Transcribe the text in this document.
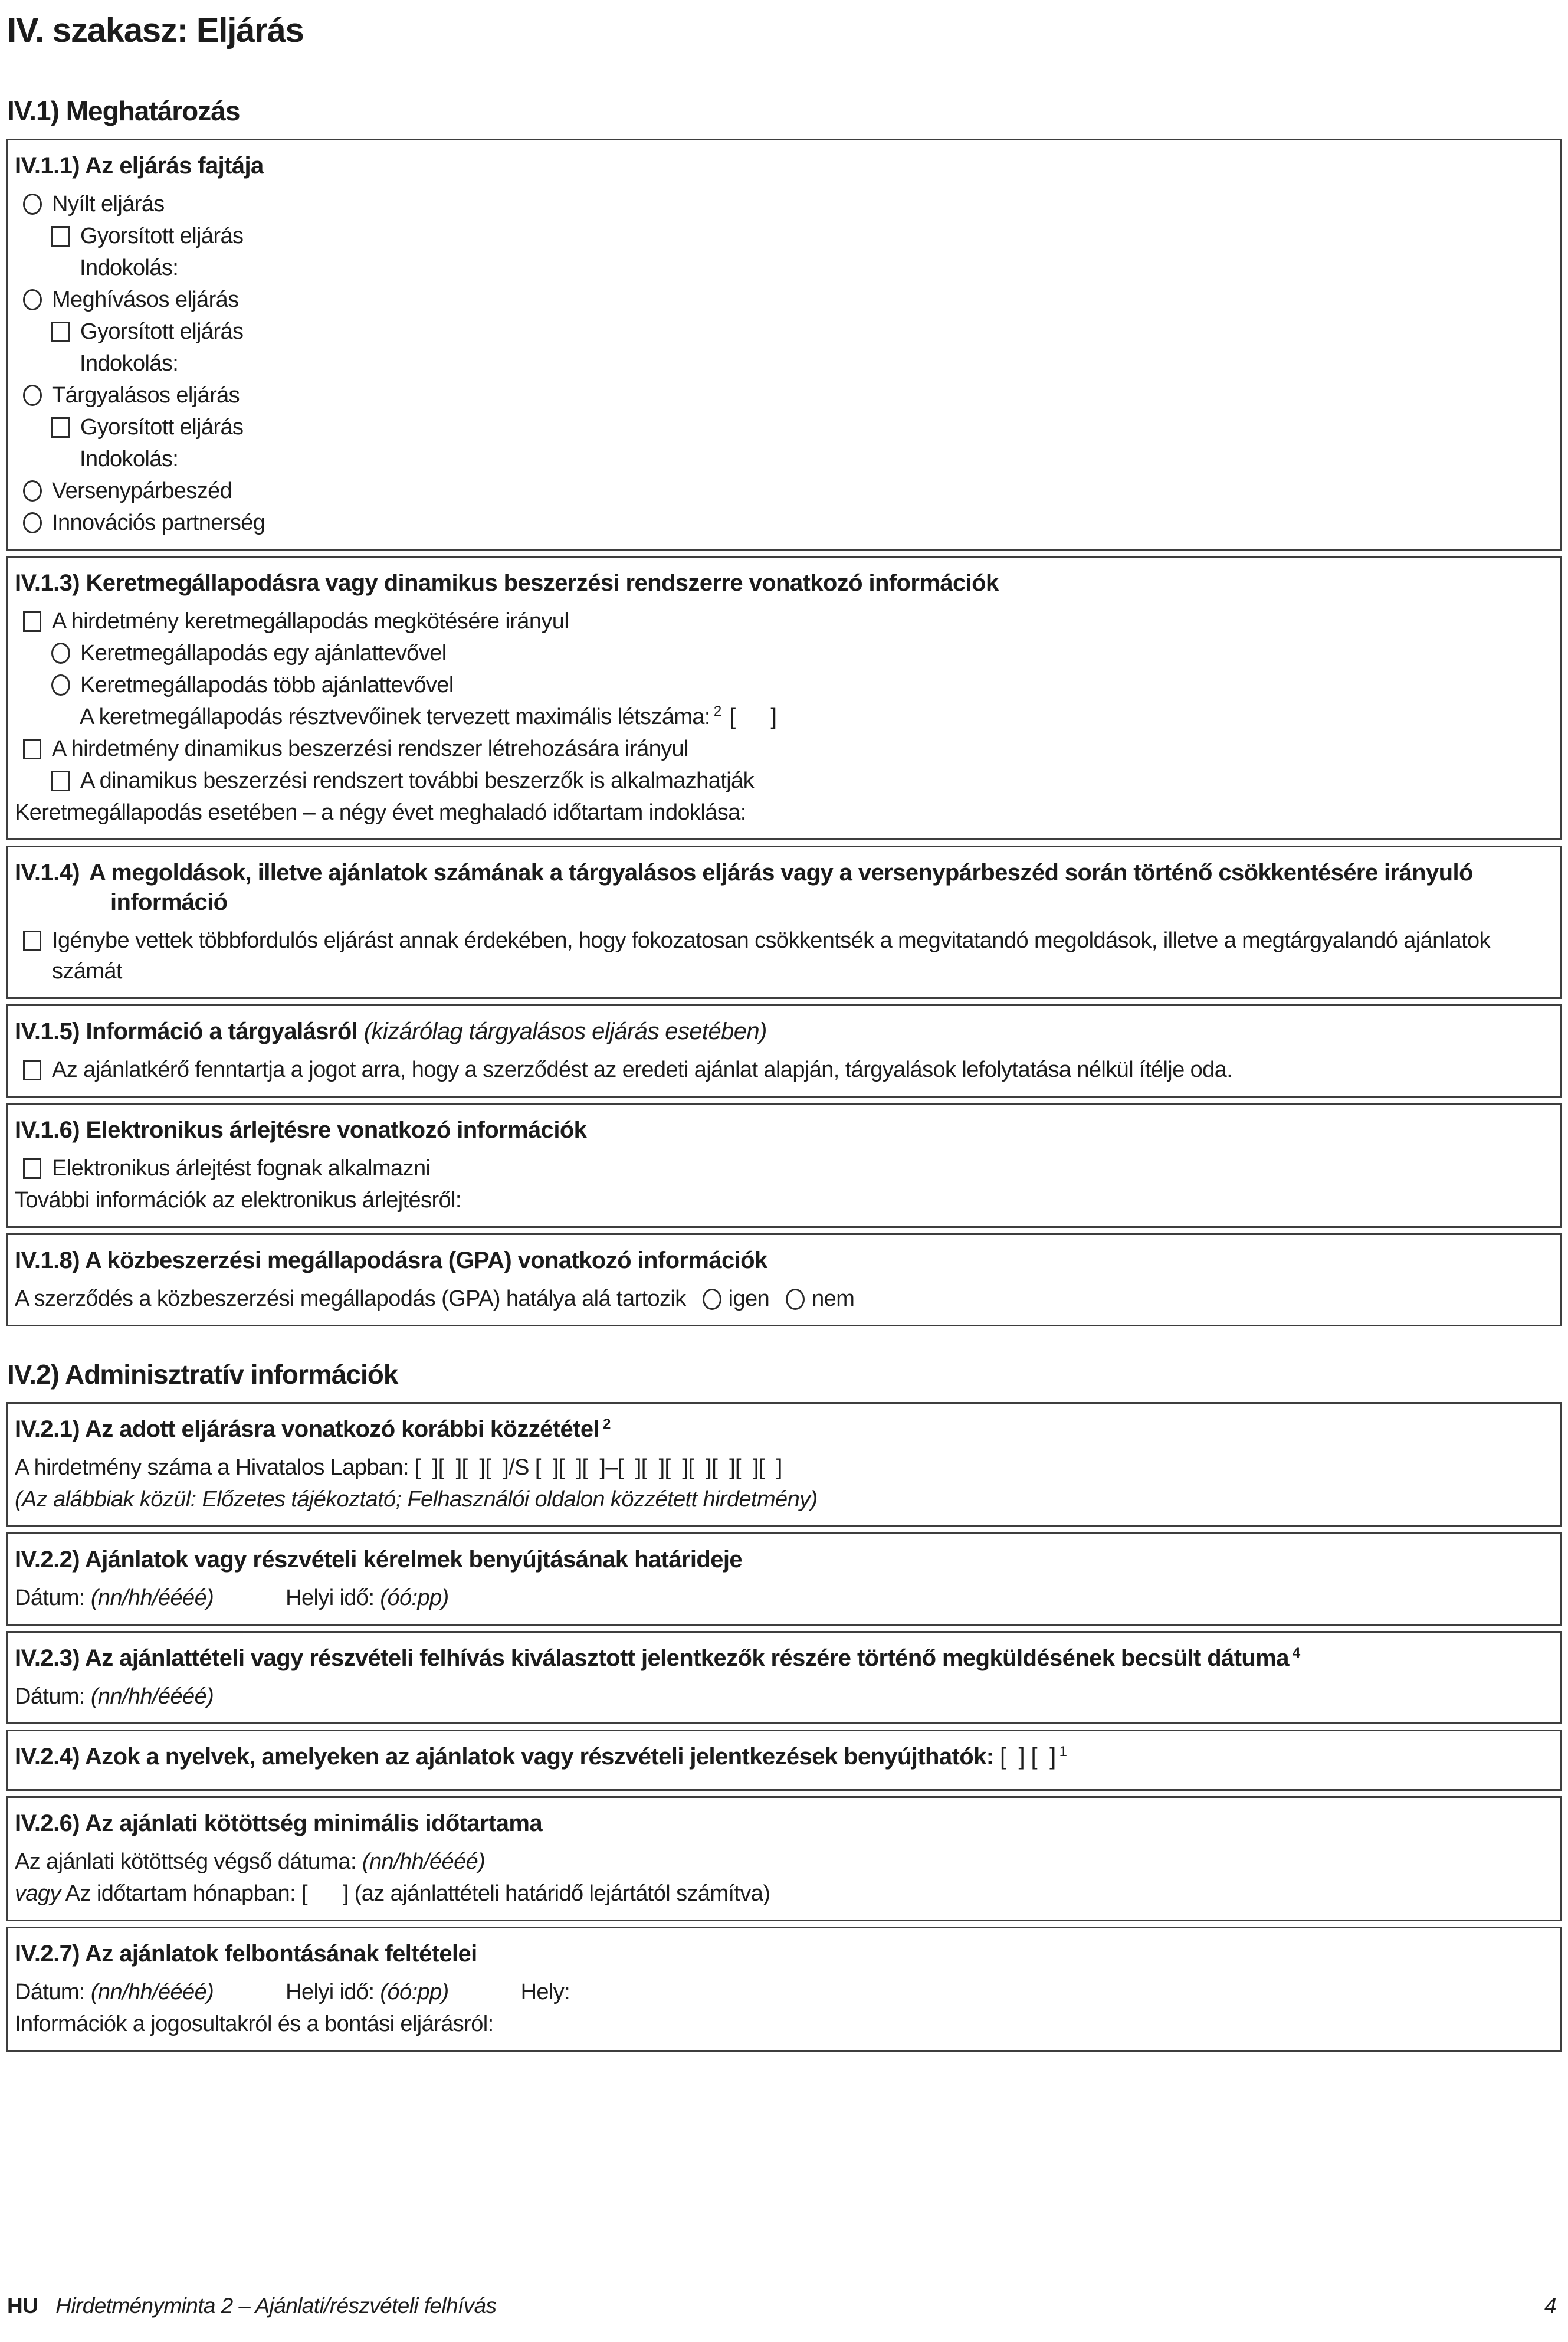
IV. szakasz: Eljárás
IV.1) Meghatározás
IV.1.1) Az eljárás fajtája
Nyílt eljárás
Gyorsított eljárás
Indokolás:
Meghívásos eljárás
Gyorsított eljárás
Indokolás:
Tárgyalásos eljárás
Gyorsított eljárás
Indokolás:
Versenypárbeszéd
Innovációs partnerség
IV.1.3) Keretmegállapodásra vagy dinamikus beszerzési rendszerre vonatkozó információk
A hirdetmény keretmegállapodás megkötésére irányul
Keretmegállapodás egy ajánlattevővel
Keretmegállapodás több ajánlattevővel
A keretmegállapodás résztvevőinek tervezett maximális létszáma: $^2$ [      ]
A hirdetmény dinamikus beszerzési rendszer létrehozására irányul
A dinamikus beszerzési rendszert további beszerzők is alkalmazhatják
Keretmegállapodás esetében – a négy évet meghaladó időtartam indoklása:
IV.1.4) A megoldások, illetve ajánlatok számának a tárgyalásos eljárás vagy a versenypárbeszéd során történő csökkentésére irányuló
információ
Igénybe vettek többfordulós eljárást annak érdekében, hogy fokozatosan csökkentsék a megvitatandó megoldások, illetve a megtárgyalandó ajánlatok számát
IV.1.5) Információ a tárgyalásról (kizárólag tárgyalásos eljárás esetében)
Az ajánlatkérő fenntartja a jogot arra, hogy a szerződést az eredeti ajánlat alapján, tárgyalások lefolytatása nélkül ítélje oda.
IV.1.6) Elektronikus árlejtésre vonatkozó információk
Elektronikus árlejtést fognak alkalmazni
További információk az elektronikus árlejtésről:
IV.1.8) A közbeszerzési megállapodásra (GPA) vonatkozó információk
A szerződés a közbeszerzési megállapodás (GPA) hatálya alá tartozik igen nem
IV.2) Adminisztratív információk
IV.2.1) Az adott eljárásra vonatkozó korábbi közzététel $^2$
A hirdetmény száma a Hivatalos Lapban: [  ][  ][  ][  ]/S [  ][  ][  ]–[  ][  ][  ][  ][  ][  ][  ]
(Az alábbiak közül: Előzetes tájékoztató; Felhasználói oldalon közzétett hirdetmény)
IV.2.2) Ajánlatok vagy részvételi kérelmek benyújtásának határideje
Dátum: (nn/hh/éééé)	Helyi idő: (óó:pp)
IV.2.3) Az ajánlattételi vagy részvételi felhívás kiválasztott jelentkezők részére történő megküldésének becsült dátuma $^4$
Dátum: (nn/hh/éééé)
IV.2.4) Azok a nyelvek, amelyeken az ajánlatok vagy részvételi jelentkezések benyújthatók: [  ] [  ] $^1$
IV.2.6) Az ajánlati kötöttség minimális időtartama
Az ajánlati kötöttség végső dátuma: (nn/hh/éééé)
vagy Az időtartam hónapban: [      ] (az ajánlattételi határidő lejártától számítva)
IV.2.7) Az ajánlatok felbontásának feltételei
Dátum: (nn/hh/éééé)	Helyi idő: (óó:pp)	Hely:
Információk a jogosultakról és a bontási eljárásról:
HU Hirdetményminta 2 – Ajánlati/részvételi felhívás	4
